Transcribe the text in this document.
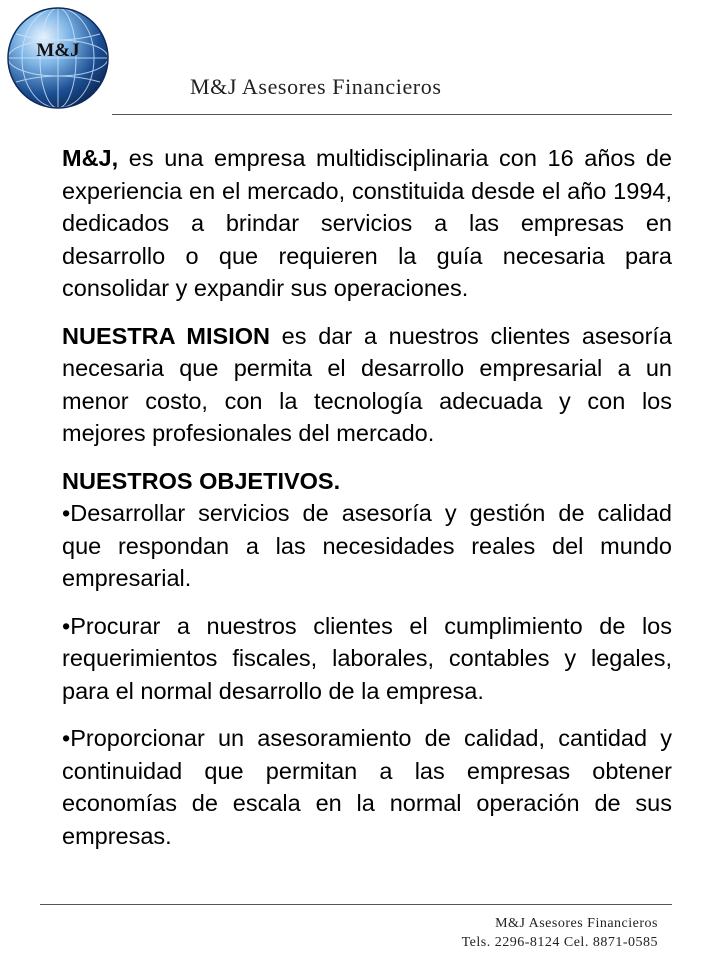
M&J
M&J Asesores Financieros

M&J, es una empresa multidisciplinaria con 16 años de experiencia en el mercado, constituida desde el año 1994, dedicados a brindar servicios a las empresas en desarrollo o que requieren la guía necesaria para consolidar y expandir sus operaciones.

NUESTRA MISION es dar a nuestros clientes asesoría necesaria que permita el desarrollo empresarial a un menor costo, con la tecnología adecuada y con los mejores profesionales del mercado.

NUESTROS OBJETIVOS.

•Desarrollar servicios de asesoría y gestión de calidad que respondan a las necesidades reales del mundo empresarial.

•Procurar a nuestros clientes el cumplimiento de los requerimientos fiscales, laborales, contables y legales, para el normal desarrollo de la empresa.

•Proporcionar un asesoramiento de calidad, cantidad y continuidad que permitan a las empresas obtener economías de escala en la normal operación de sus empresas.

M&J Asesores Financieros
Tels. 2296-8124 Cel. 8871-0585
